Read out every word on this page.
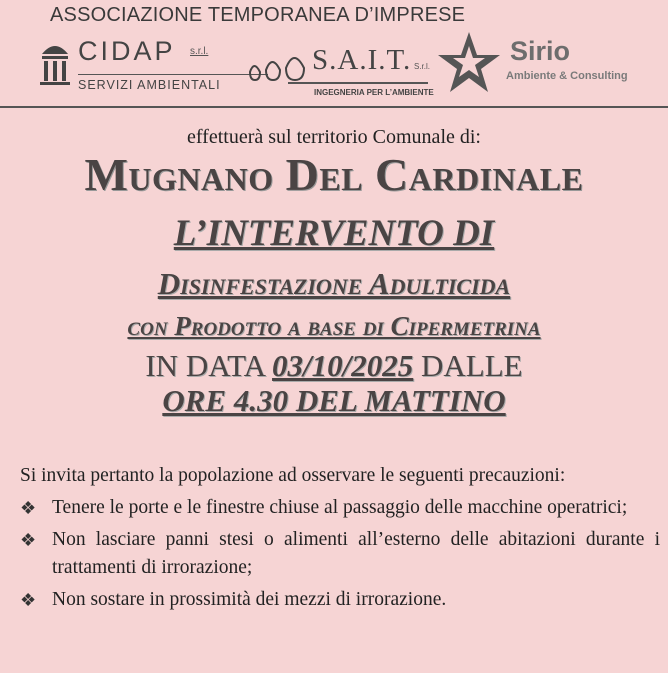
ASSOCIAZIONE TEMPORANEA D’IMPRESE
CIDAP s.r.l.
SERVIZI AMBIENTALI
S.A.I.T. S.r.l.
INGEGNERIA PER L’AMBIENTE
Sirio
Ambiente & Consulting
effettuerà sul territorio Comunale di:
Mugnano Del Cardinale
L’INTERVENTO DI
Disinfestazione Adulticida
con Prodotto a base di Cipermetrina
IN DATA 03/10/2025 DALLE
ORE 4.30 DEL MATTINO

Si invita pertanto la popolazione ad osservare le seguenti precauzioni:

❖ Tenere le porte e le finestre chiuse al passaggio delle macchine operatrici;
❖ Non lasciare panni stesi o alimenti all’esterno delle abitazioni durante i trattamenti di irrorazione;
❖ Non sostare in prossimità dei mezzi di irrorazione.
